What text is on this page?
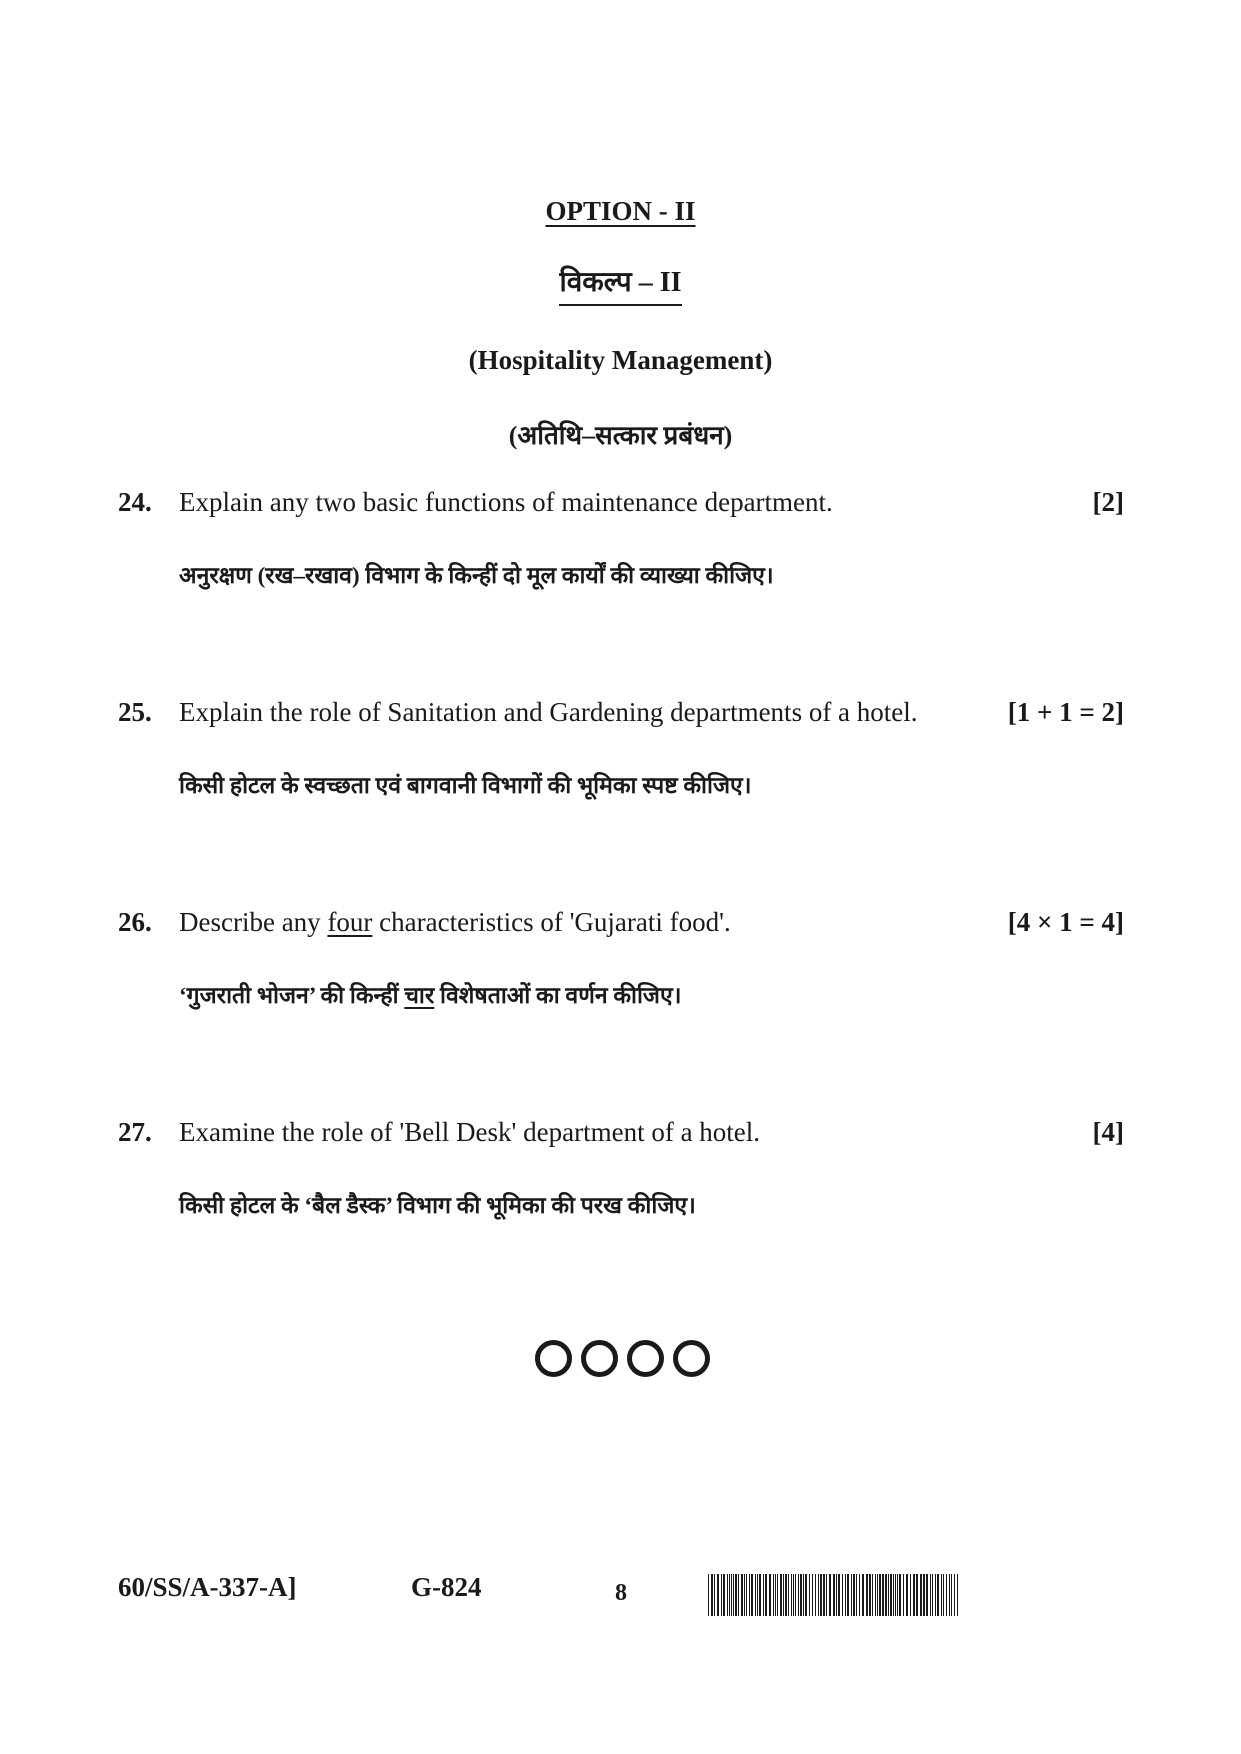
OPTION - II
विकल्प – II
(Hospitality Management)
(अतिथि–सत्कार प्रबंधन)
24. Explain any two basic functions of maintenance department.	[2]
अनुरक्षण (रख–रखाव) विभाग के किन्हीं दो मूल कार्यों की व्याख्या कीजिए।
25. Explain the role of Sanitation and Gardening departments of a hotel.	[1 + 1 = 2]
किसी होटल के स्वच्छता एवं बागवानी विभागों की भूमिका स्पष्ट कीजिए।
26. Describe any four characteristics of 'Gujarati food'.	[4 × 1 = 4]
‘गुजराती भोजन’ की किन्हीं चार विशेषताओं का वर्णन कीजिए।
27. Examine the role of 'Bell Desk' department of a hotel.	[4]
किसी होटल के ‘बैल डैस्क’ विभाग की भूमिका की परख कीजिए।
60/SS/A-337-A]	G-824	8
